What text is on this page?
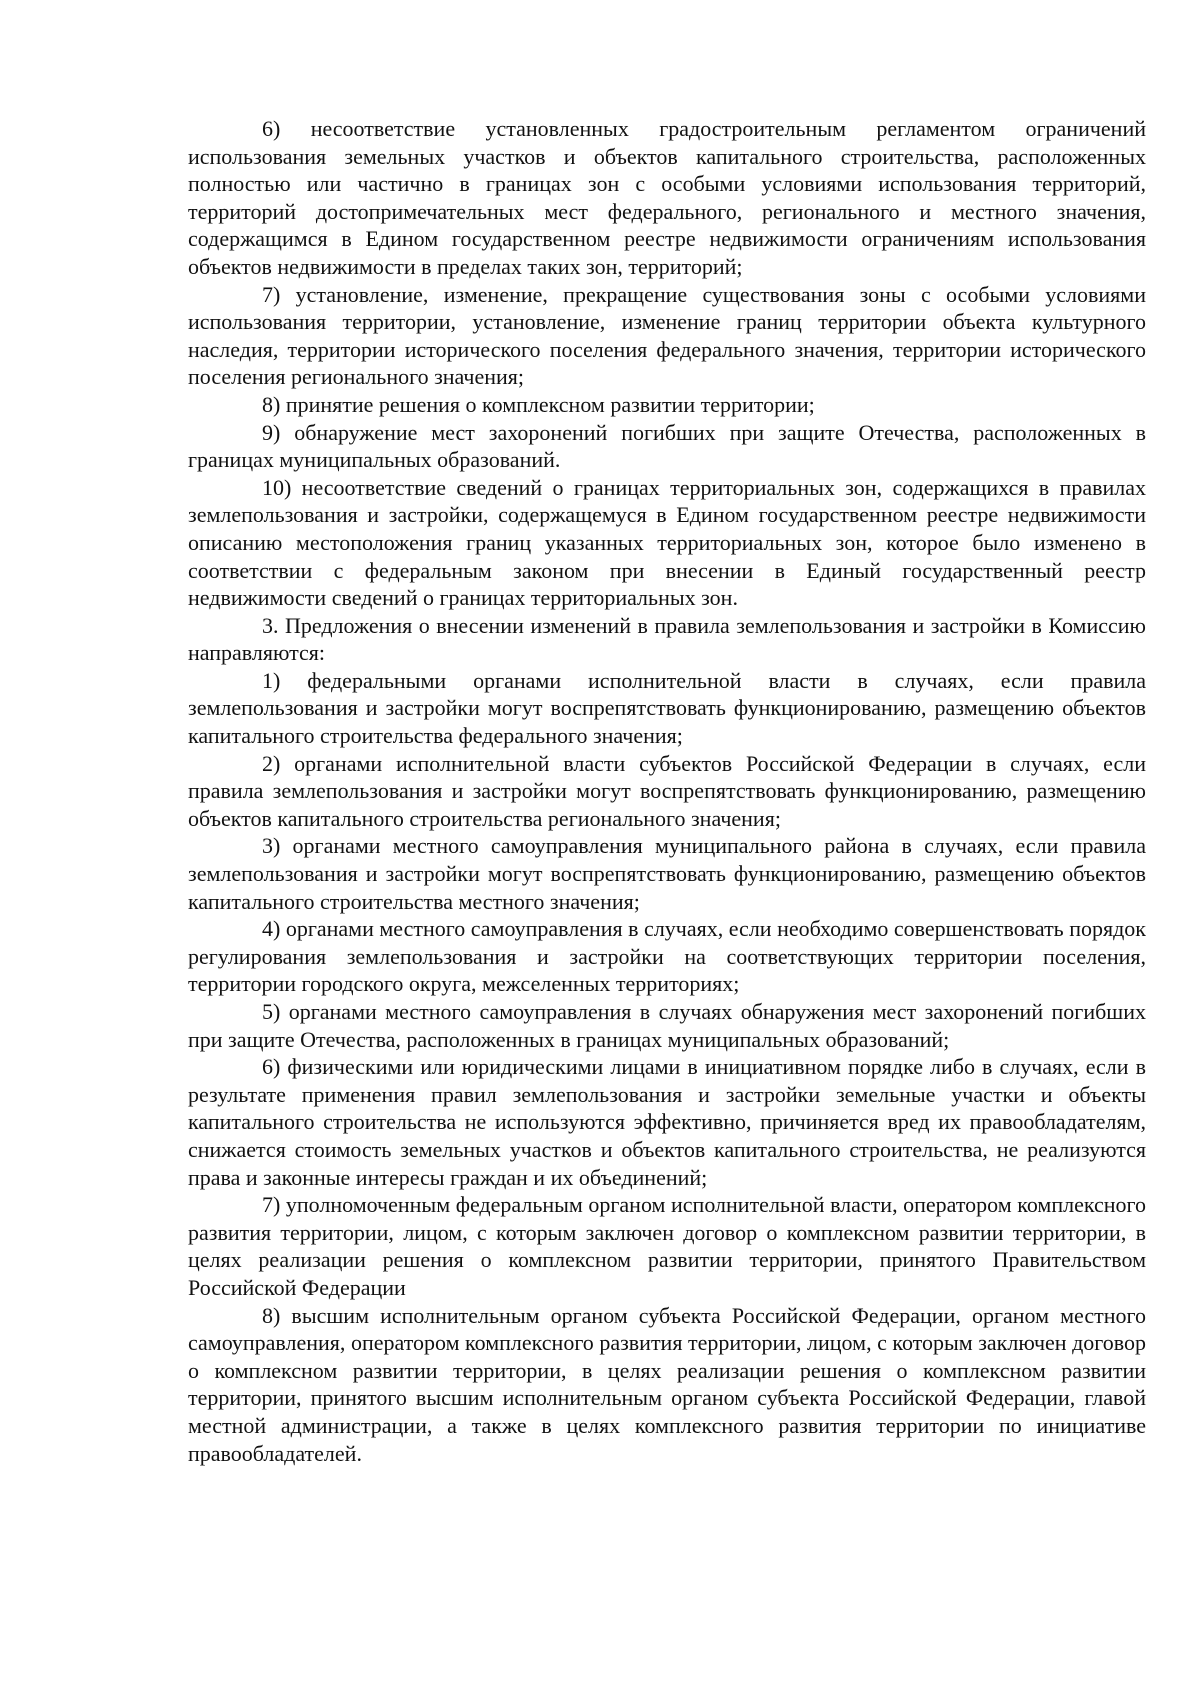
6) несоответствие установленных градостроительным регламентом ограничений использования земельных участков и объектов капитального строительства, расположенных полностью или частично в границах зон с особыми условиями использования территорий, территорий достопримечательных мест федерального, регионального и местного значения, содержащимся в Едином государственном реестре недвижимости ограничениям использования объектов недвижимости в пределах таких зон, территорий;

7) установление, изменение, прекращение существования зоны с особыми условиями использования территории, установление, изменение границ территории объекта культурного наследия, территории исторического поселения федерального значения, территории исторического поселения регионального значения;

8) принятие решения о комплексном развитии территории;

9) обнаружение мест захоронений погибших при защите Отечества, расположенных в границах муниципальных образований.

10) несоответствие сведений о границах территориальных зон, содержащихся в правилах землепользования и застройки, содержащемуся в Едином государственном реестре недвижимости описанию местоположения границ указанных территориальных зон, которое было изменено в соответствии с федеральным законом при внесении в Единый государственный реестр недвижимости сведений о границах территориальных зон.

3. Предложения о внесении изменений в правила землепользования и застройки в Комиссию направляются:

1) федеральными органами исполнительной власти в случаях, если правила землепользования и застройки могут воспрепятствовать функционированию, размещению объектов капитального строительства федерального значения;

2) органами исполнительной власти субъектов Российской Федерации в случаях, если правила землепользования и застройки могут воспрепятствовать функционированию, размещению объектов капитального строительства регионального значения;

3) органами местного самоуправления муниципального района в случаях, если правила землепользования и застройки могут воспрепятствовать функционированию, размещению объектов капитального строительства местного значения;

4) органами местного самоуправления в случаях, если необходимо совершенствовать порядок регулирования землепользования и застройки на соответствующих территории поселения, территории городского округа, межселенных территориях;

5) органами местного самоуправления в случаях обнаружения мест захоронений погибших при защите Отечества, расположенных в границах муниципальных образований;

6) физическими или юридическими лицами в инициативном порядке либо в случаях, если в результате применения правил землепользования и застройки земельные участки и объекты капитального строительства не используются эффективно, причиняется вред их правообладателям, снижается стоимость земельных участков и объектов капитального строительства, не реализуются права и законные интересы граждан и их объединений;

7) уполномоченным федеральным органом исполнительной власти, оператором комплексного развития территории, лицом, с которым заключен договор о комплексном развитии территории, в целях реализации решения о комплексном развитии территории, принятого Правительством Российской Федерации

8) высшим исполнительным органом субъекта Российской Федерации, органом местного самоуправления, оператором комплексного развития территории, лицом, с которым заключен договор о комплексном развитии территории, в целях реализации решения о комплексном развитии территории, принятого высшим исполнительным органом субъекта Российской Федерации, главой местной администрации, а также в целях комплексного развития территории по инициативе правообладателей.
